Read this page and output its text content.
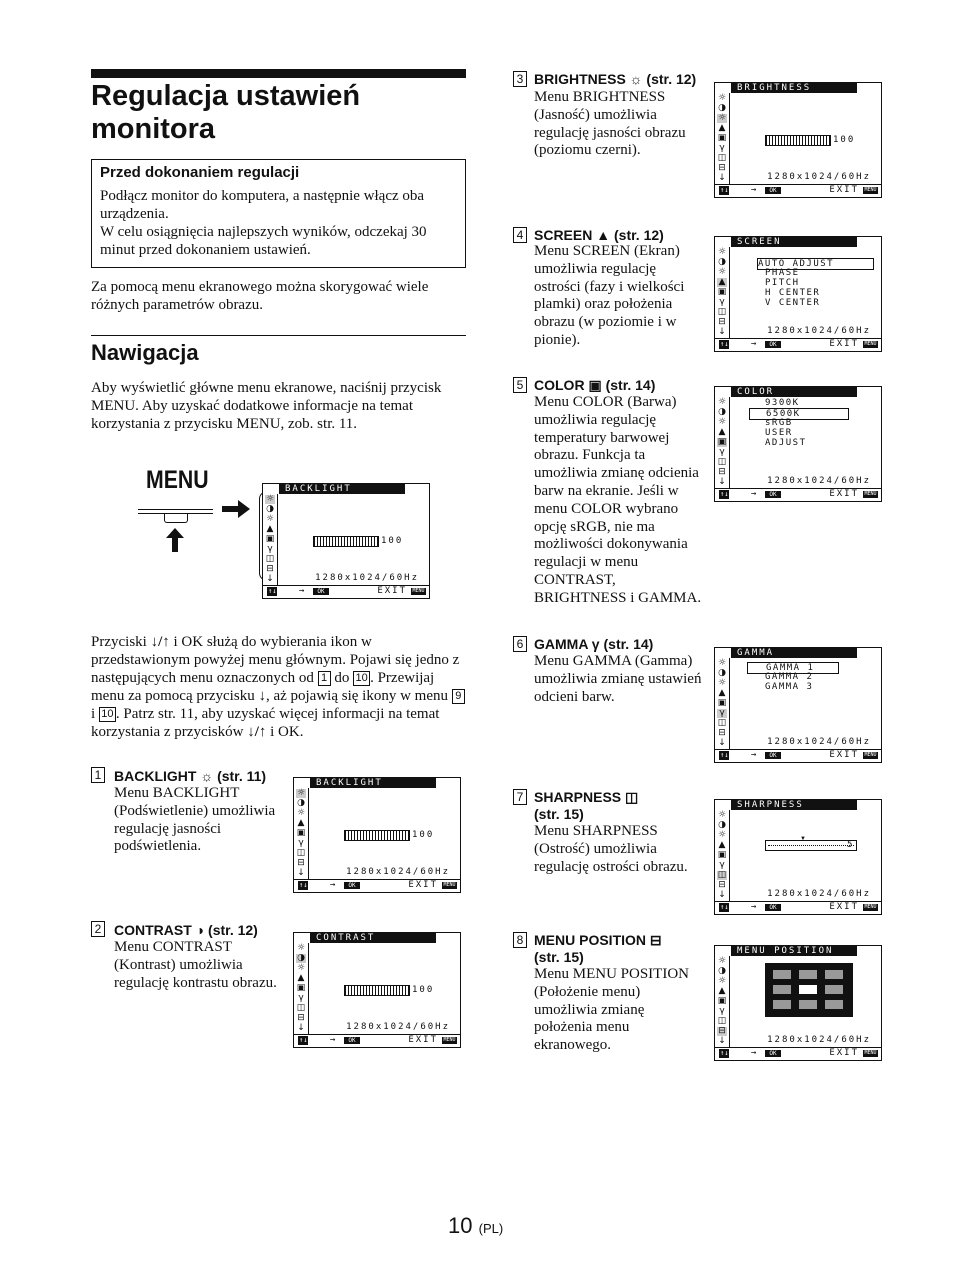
Regulacja ustawień monitora
Przed dokonaniem regulacji
Podłącz monitor do komputera, a następnie włącz oba urządzenia.
W celu osiągnięcia najlepszych wyników, odczekaj 30 minut przed dokonaniem ustawień.
Za pomocą menu ekranowego można skorygować wiele różnych parametrów obrazu.
Nawigacja
Aby wyświetlić główne menu ekranowe, naciśnij przycisk MENU. Aby uzyskać dodatkowe informacje na temat korzystania z przycisku MENU, zob. str. 11.
MENU	BACKLIGHT
☼
◑
☼
▲
▣
γ
◫
⊟
↓
100
1280x1024/60Hz
↑↓	→	OK	EXIT MENU
Przyciski ↓/↑ i OK służą do wybierania ikon w przedstawionym powyżej menu głównym. Pojawi się jedno z następujących menu oznaczonych od 1 do 10 . Przewijaj menu za pomocą przycisku ↓, aż pojawią się ikony w menu 9 i 10 . Patrz str. 11, aby uzyskać więcej informacji na temat korzystania z przycisków ↓/↑ i OK.
1 BACKLIGHT ☼ (str. 11)
Menu BACKLIGHT (Podświetlenie) umożliwia regulację jasności podświetlenia.
2 CONTRAST ◑ (str. 12)
Menu CONTRAST (Kontrast) umożliwia regulację kontrastu obrazu.
3 BRIGHTNESS ☼ (str. 12)
Menu BRIGHTNESS (Jasność) umożliwia regulację jasności obrazu (poziomu czerni).
4 SCREEN ▲ (str. 12)
Menu SCREEN (Ekran) umożliwia regulację ostrości (fazy i wielkości plamki) oraz położenia obrazu (w poziomie i w pionie).
5 COLOR ▣ (str. 14)
Menu COLOR (Barwa) umożliwia regulację temperatury barwowej obrazu. Funkcja ta umożliwia zmianę odcienia barw na ekranie. Jeśli w menu COLOR wybrano opcję sRGB, nie ma możliwości dokonywania regulacji w menu CONTRAST, BRIGHTNESS i GAMMA.
6 GAMMA γ (str. 14)
Menu GAMMA (Gamma) umożliwia zmianę ustawień odcieni barw.
7 SHARPNESS ◫
(str. 15)
Menu SHARPNESS (Ostrość) umożliwia regulację ostrości obrazu.
8 MENU POSITION ⊟
(str. 15)
Menu MENU POSITION (Położenie menu) umożliwia zmianę położenia menu ekranowego.
BACKLIGHT
☼
◑
☼
▲
▣
γ
◫
⊟
↓
100
1280x1024/60Hz
↑↓	→	OK	EXIT MENU
CONTRAST
☼
◑
☼
▲
▣
γ
◫
⊟
↓
100
1280x1024/60Hz
↑↓	→	OK	EXIT MENU
BRIGHTNESS
☼
◑
☼
▲
▣
γ
◫
⊟
↓
100
1280x1024/60Hz
↑↓	→	OK	EXIT MENU
SCREEN
☼
◑
☼
▲
▣
γ
◫
⊟
↓
AUTO ADJUST
PHASE
PITCH
H CENTER
V CENTER
1280x1024/60Hz
↑↓	→	OK	EXIT MENU
COLOR
☼
◑
☼
▲
▣
γ
◫
⊟
↓
9300K
6500K
sRGB
USER
ADJUST
1280x1024/60Hz
↑↓	→	OK	EXIT MENU
GAMMA
☼
◑
☼
▲
▣
γ
◫
⊟
↓
GAMMA 1
GAMMA 2
GAMMA 3
1280x1024/60Hz
↑↓	→	OK	EXIT MENU
SHARPNESS
☼
◑
☼
▲
▣
γ
◫
⊟
↓
▼
5
1280x1024/60Hz
↑↓	→	OK	EXIT MENU
MENU POSITION
☼
◑
☼
▲
▣
γ
◫
⊟
↓	1280x1024/60Hz
↑↓	→	OK	EXIT MENU
10 (PL)
